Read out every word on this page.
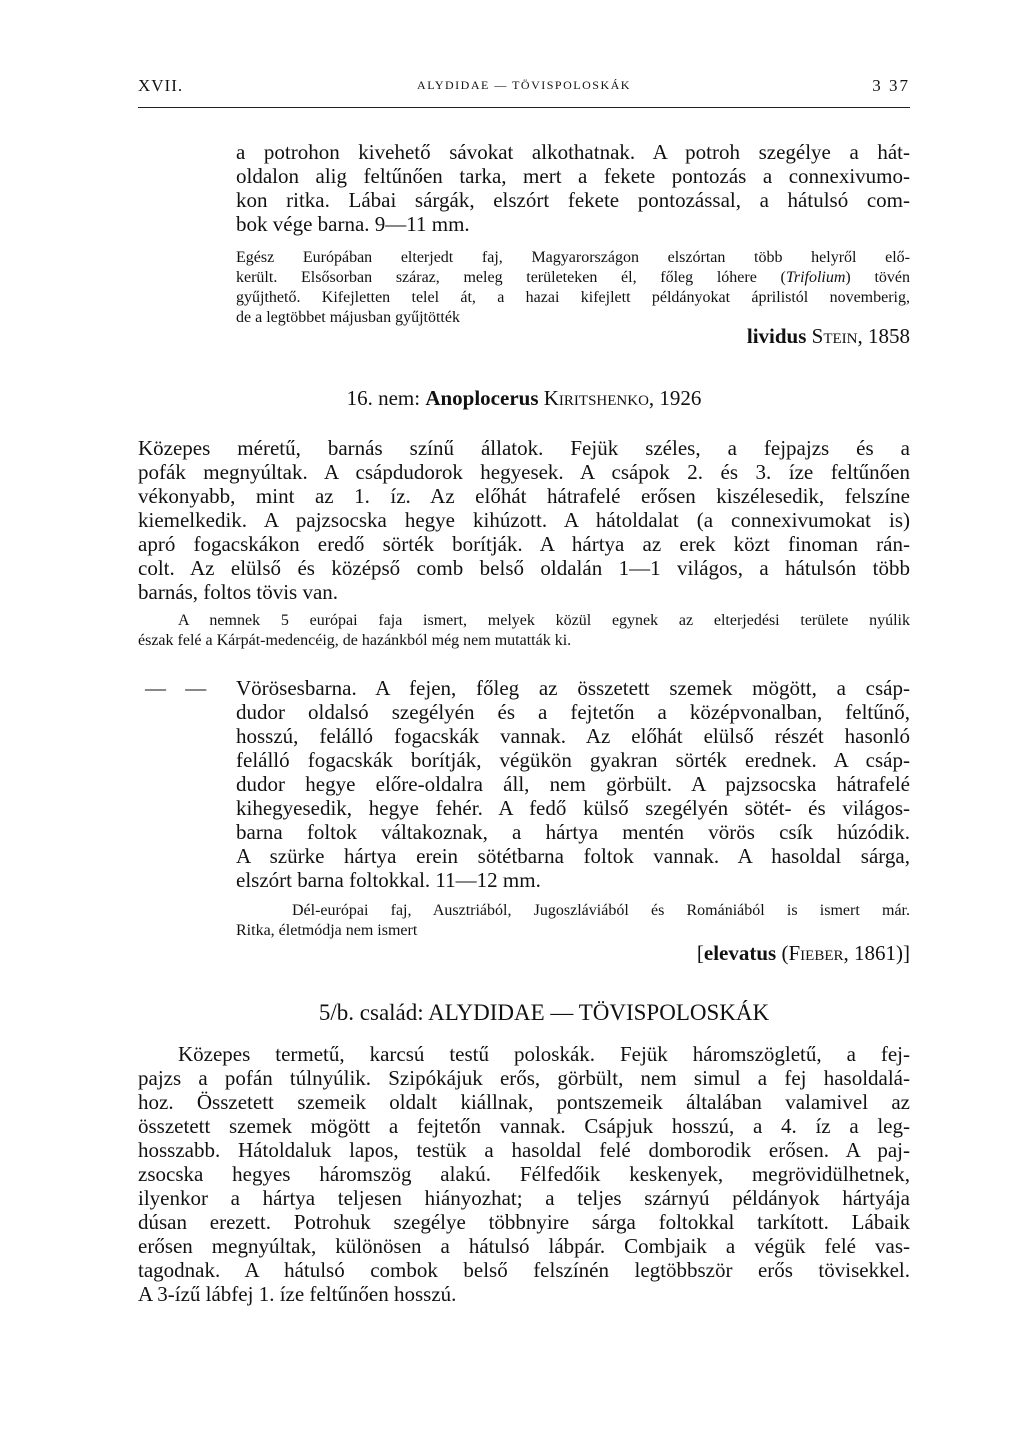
XVII.	ALYDIDAE — TÖVISPOLOSKÁK	3 37
a potrohon kivehető sávokat alkothatnak. A potroh szegélye a hát-
oldalon alig feltűnően tarka, mert a fekete pontozás a connexivumo-
kon ritka. Lábai sárgák, elszórt fekete pontozással, a hátulsó com-
bok vége barna. 9—11 mm.
Egész Európában elterjedt faj, Magyarországon elszórtan több helyről elő-
került. Elsősorban száraz, meleg területeken él, főleg lóhere (Trifolium) tövén
gyűjthető. Kifejletten telel át, a hazai kifejlett példányokat áprilistól novemberig,
de a legtöbbet májusban gyűjtötték
lividus Stein, 1858
16. nem: Anoplocerus Kiritshenko, 1926
Közepes méretű, barnás színű állatok. Fejük széles, a fejpajzs és a
pofák megnyúltak. A csápdudorok hegyesek. A csápok 2. és 3. íze feltűnően
vékonyabb, mint az 1. íz. Az előhát hátrafelé erősen kiszélesedik, felszíne
kiemelkedik. A pajzsocska hegye kihúzott. A hátoldalat (a connexivumokat is)
apró fogacskákon eredő sörték borítják. A hártya az erek közt finoman rán-
colt. Az elülső és középső comb belső oldalán 1—1 világos, a hátulsón több
barnás, foltos tövis van.
A nemnek 5 európai faja ismert, melyek közül egynek az elterjedési területe nyúlik
észak felé a Kárpát-medencéig, de hazánkból még nem mutatták ki.
— — Vörösesbarna. A fejen, főleg az összetett szemek mögött, a csáp-
dudor oldalsó szegélyén és a fejtetőn a középvonalban, feltűnő,
hosszú, felálló fogacskák vannak. Az előhát elülső részét hasonló
felálló fogacskák borítják, végükön gyakran sörték erednek. A csáp-
dudor hegye előre-oldalra áll, nem görbült. A pajzsocska hátrafelé
kihegyesedik, hegye fehér. A fedő külső szegélyén sötét- és világos-
barna foltok váltakoznak, a hártya mentén vörös csík húzódik.
A szürke hártya erein sötétbarna foltok vannak. A hasoldal sárga,
elszórt barna foltokkal. 11—12 mm.
Dél-európai faj, Ausztriából, Jugoszláviából és Romániából is ismert már.
Ritka, életmódja nem ismert
[elevatus (Fieber, 1861)]
5/b. család: ALYDIDAE — TÖVISPOLOSKÁK
Közepes termetű, karcsú testű poloskák. Fejük háromszögletű, a fej-
pajzs a pofán túlnyúlik. Szipókájuk erős, görbült, nem simul a fej hasoldalá-
hoz. Összetett szemeik oldalt kiállnak, pontszemeik általában valamivel az
összetett szemek mögött a fejtetőn vannak. Csápjuk hosszú, a 4. íz a leg-
hosszabb. Hátoldaluk lapos, testük a hasoldal felé domborodik erősen. A paj-
zsocska hegyes háromszög alakú. Félfedőik keskenyek, megrövidülhetnek,
ilyenkor a hártya teljesen hiányozhat; a teljes szárnyú példányok hártyája
dúsan erezett. Potrohuk szegélye többnyire sárga foltokkal tarkított. Lábaik
erősen megnyúltak, különösen a hátulsó lábpár. Combjaik a végük felé vas-
tagodnak. A hátulsó combok belső felszínén legtöbbször erős tövisekkel.
A 3-ízű lábfej 1. íze feltűnően hosszú.
